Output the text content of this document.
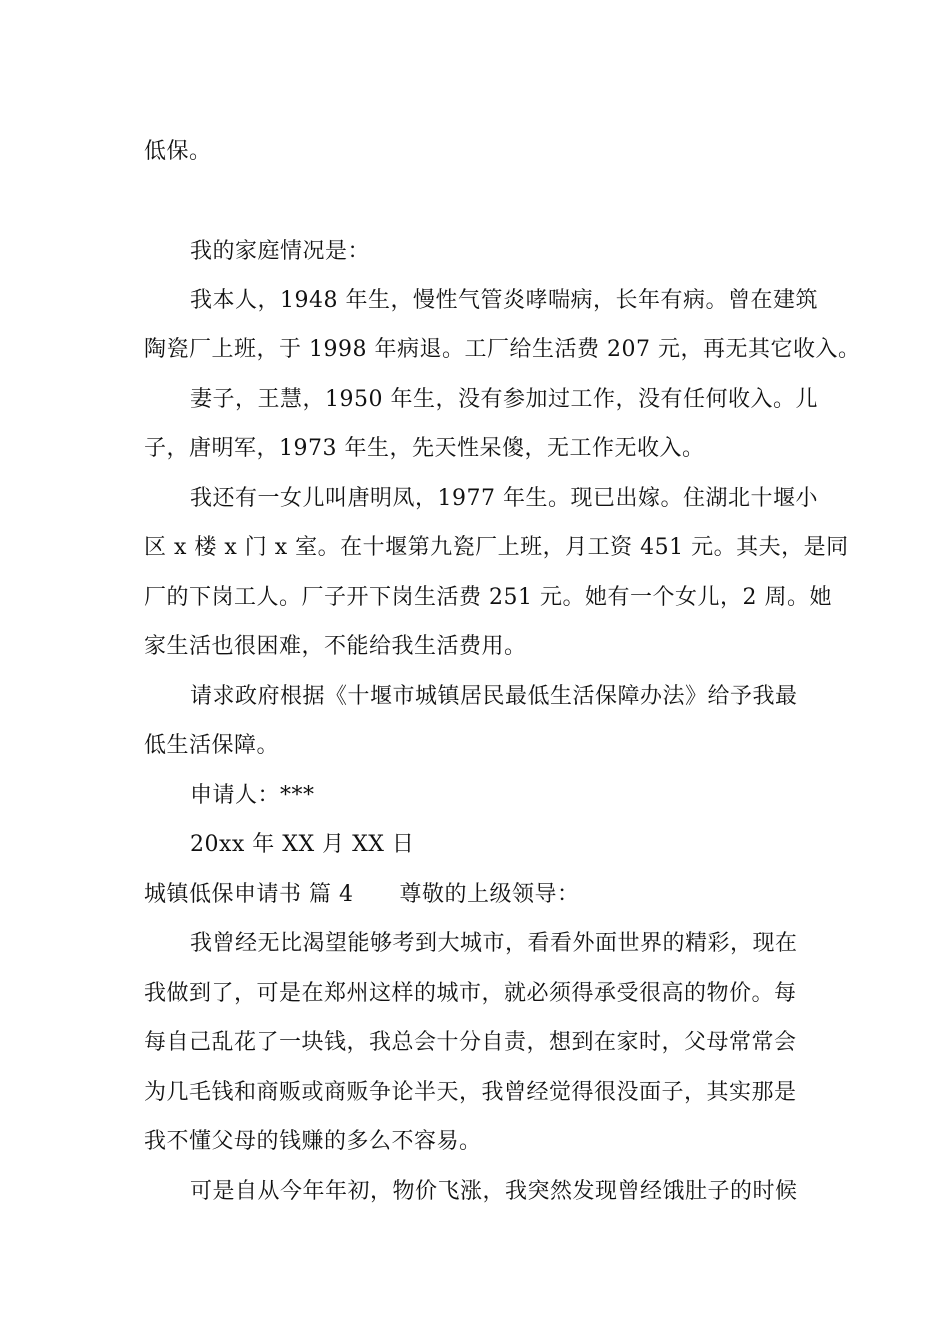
低保。
我的家庭情况是：
我本人，1948 年生，慢性气管炎哮喘病，长年有病。曾在建筑
陶瓷厂上班，于 1998 年病退。工厂给生活费 207 元，再无其它收入。
妻子，王慧，1950 年生，没有参加过工作，没有任何收入。儿
子，唐明军，1973 年生，先天性呆傻，无工作无收入。
我还有一女儿叫唐明凤，1977 年生。现已出嫁。住湖北十堰小
区 x 楼 x 门 x 室。在十堰第九瓷厂上班，月工资 451 元。其夫，是同
厂的下岗工人。厂子开下岗生活费 251 元。她有一个女儿，2 周。她
家生活也很困难，不能给我生活费用。
请求政府根据《十堰市城镇居民最低生活保障办法》给予我最
低生活保障。
申请人：***
20xx 年 XX 月 XX 日
城镇低保申请书 篇 4 尊敬的上级领导：
我曾经无比渴望能够考到大城市，看看外面世界的精彩，现在
我做到了，可是在郑州这样的城市，就必须得承受很高的物价。每
每自己乱花了一块钱，我总会十分自责，想到在家时，父母常常会
为几毛钱和商贩或商贩争论半天，我曾经觉得很没面子，其实那是
我不懂父母的钱赚的多么不容易。
可是自从今年年初，物价飞涨，我突然发现曾经饿肚子的时候
